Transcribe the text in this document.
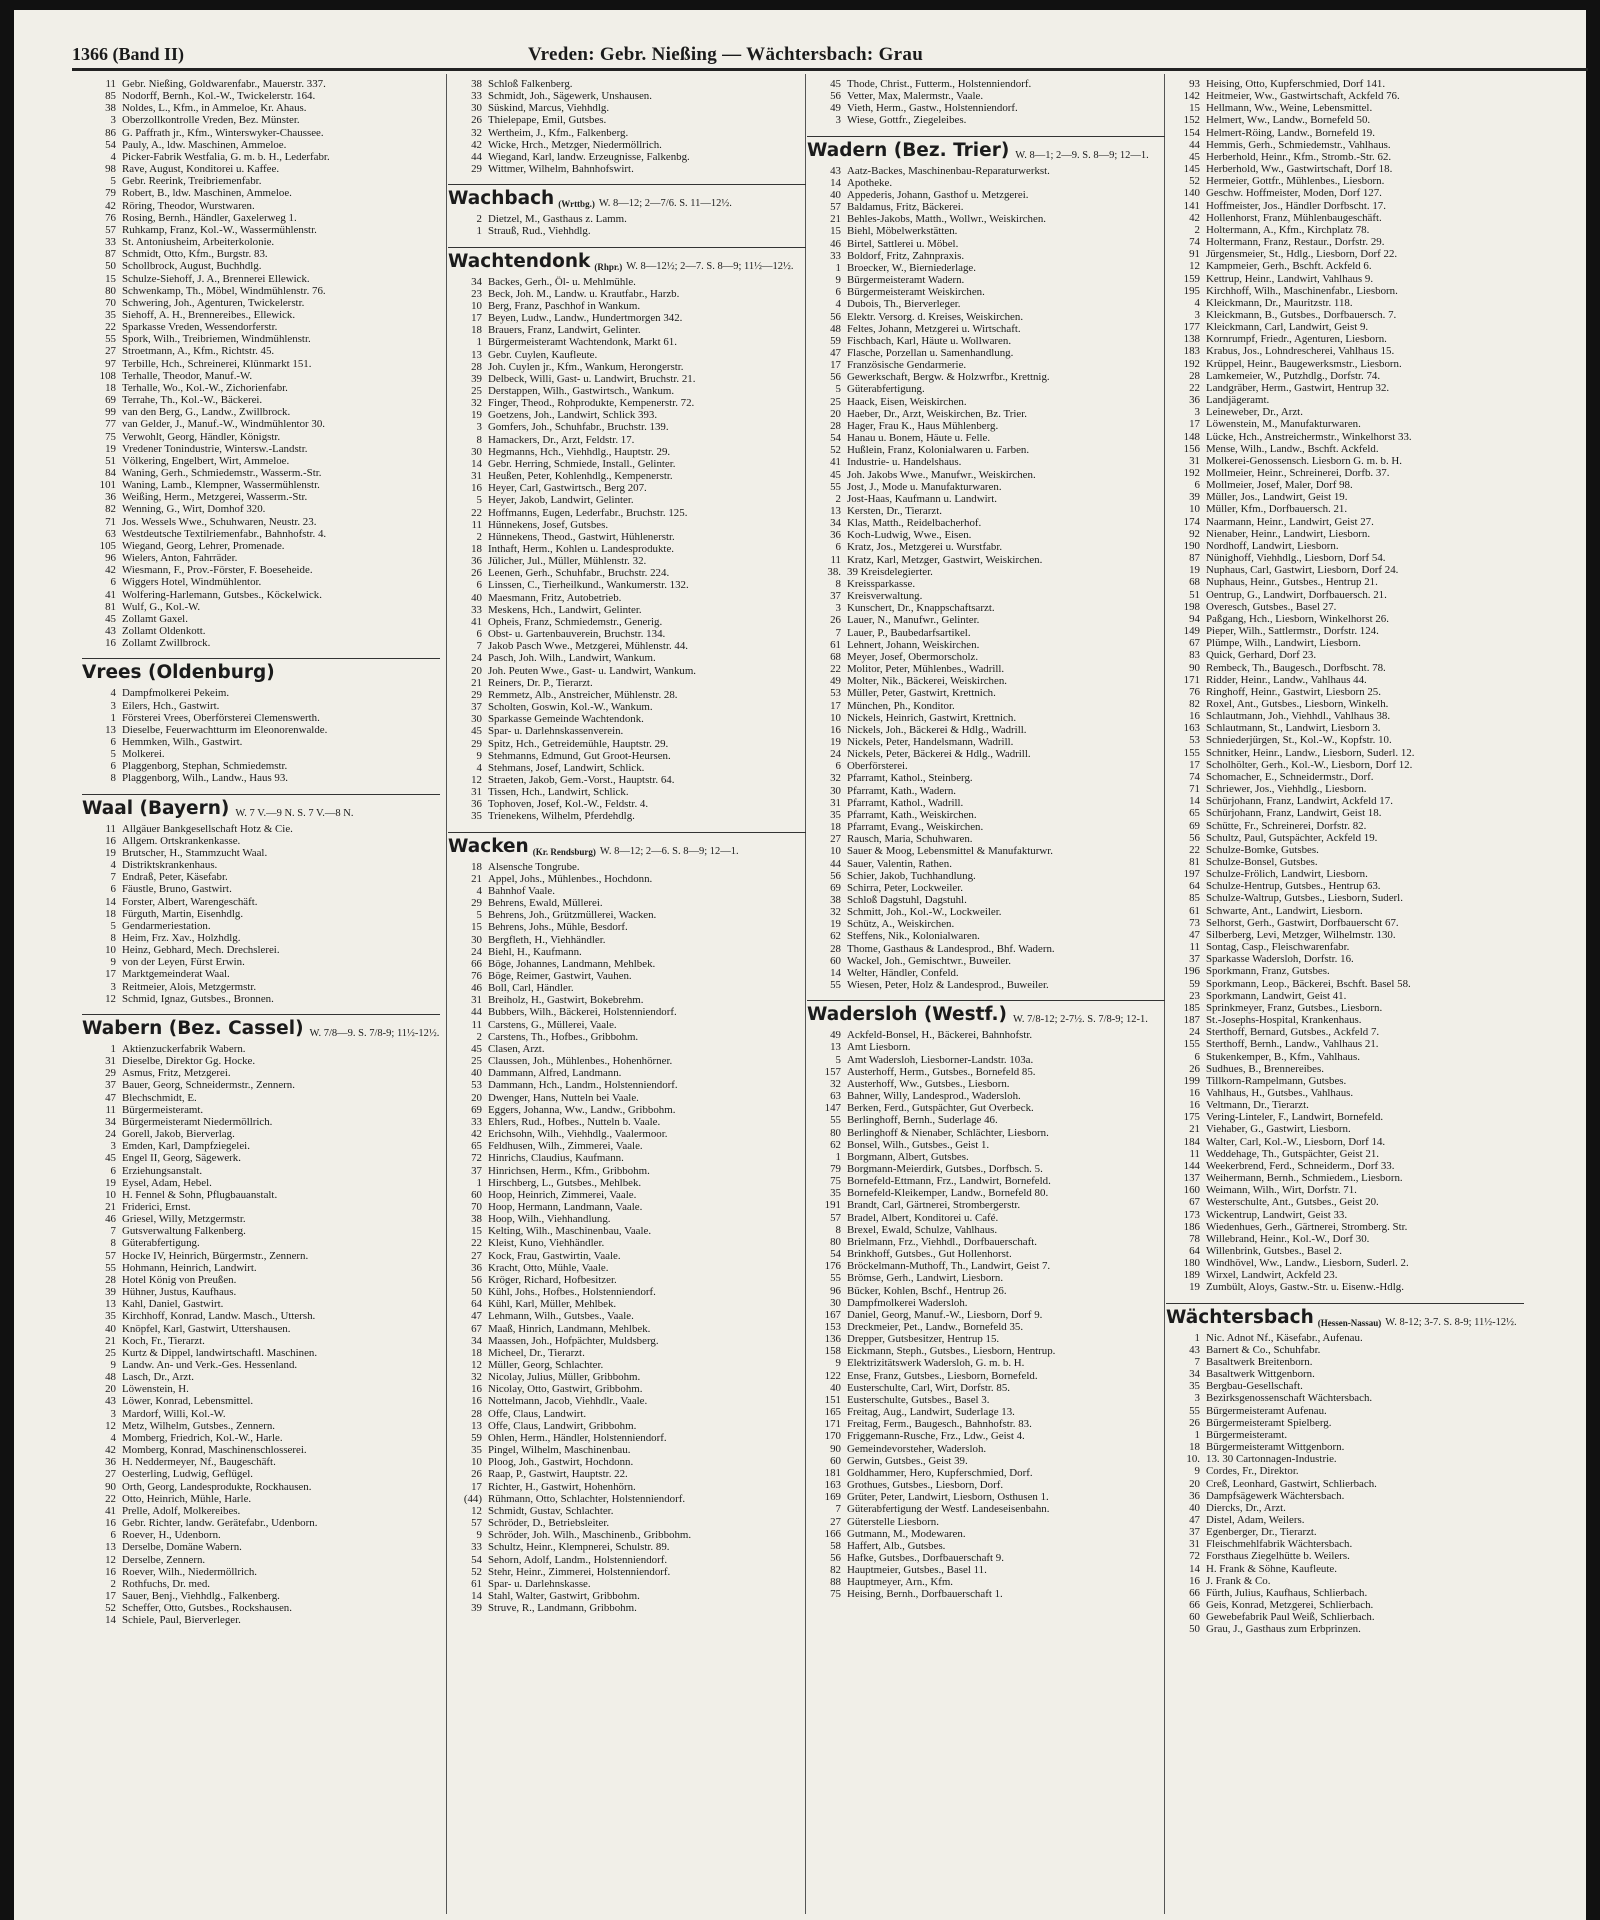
1366 (Band II)	Vreden: Gebr. Nießing — Wächtersbach: Grau
11 Gebr. Nießing, Goldwarenfabr., Mauerstr. 337.
85 Nodorff, Bernh., Kol.-W., Twickelerstr. 164.
38 Noldes, L., Kfm., in Ammeloe, Kr. Ahaus.
3 Oberzollkontrolle Vreden, Bez. Münster.
86 G. Paffrath jr., Kfm., Winterswyker-Chaussee.
54 Pauly, A., ldw. Maschinen, Ammeloe.
4 Picker-Fabrik Westfalia, G. m. b. H., Lederfabr.
98 Rave, August, Konditorei u. Kaffee.
5 Gebr. Reerink, Treibriemenfabr.
79 Robert, B., ldw. Maschinen, Ammeloe.
42 Röring, Theodor, Wurstwaren.
76 Rosing, Bernh., Händler, Gaxelerweg 1.
57 Ruhkamp, Franz, Kol.-W., Wassermühlenstr.
33 St. Antoniusheim, Arbeiterkolonie.
87 Schmidt, Otto, Kfm., Burgstr. 83.
50 Schollbrock, August, Buchhdlg.
15 Schulze-Siehoff, J. A., Brennerei Ellewick.
80 Schwenkamp, Th., Möbel, Windmühlenstr. 76.
70 Schwering, Joh., Agenturen, Twickelerstr.
35 Siehoff, A. H., Brennereibes., Ellewick.
22 Sparkasse Vreden, Wessendorferstr.
55 Spork, Wilh., Treibriemen, Windmühlenstr.
27 Stroetmann, A., Kfm., Richtstr. 45.
97 Terbille, Hch., Schreinerei, Klünmarkt 151.
108 Terhalle, Theodor, Manuf.-W.
18 Terhalle, Wo., Kol.-W., Zichorienfabr.
69 Terrahe, Th., Kol.-W., Bäckerei.
99 van den Berg, G., Landw., Zwillbrock.
77 van Gelder, J., Manuf.-W., Windmühlentor 30.
75 Verwohlt, Georg, Händler, Königstr.
19 Vredener Tonindustrie, Wintersw.-Landstr.
51 Völkering, Engelbert, Wirt, Ammeloe.
84 Waning, Gerh., Schmiedemstr., Wasserm.-Str.
101 Waning, Lamb., Klempner, Wassermühlenstr.
36 Weißing, Herm., Metzgerei, Wasserm.-Str.
82 Wenning, G., Wirt, Domhof 320.
71 Jos. Wessels Wwe., Schuhwaren, Neustr. 23.
63 Westdeutsche Textilriemenfabr., Bahnhofstr. 4.
105 Wiegand, Georg, Lehrer, Promenade.
96 Wielers, Anton, Fahrräder.
42 Wiesmann, F., Prov.-Förster, F. Boeseheide.
6 Wiggers Hotel, Windmühlentor.
41 Wolfering-Harlemann, Gutsbes., Köckelwick.
81 Wulf, G., Kol.-W.
45 Zollamt Gaxel.
43 Zollamt Oldenkott.
16 Zollamt Zwillbrock.
Vrees (Oldenburg)
4 Dampfmolkerei Pekeim.
3 Eilers, Hch., Gastwirt.
1 Försterei Vrees, Oberförsterei Clemenswerth.
13 Dieselbe, Feuerwachtturm im Eleonorenwalde.
6 Hemmken, Wilh., Gastwirt.
5 Molkerei.
6 Plaggenborg, Stephan, Schmiedemstr.
8 Plaggenborg, Wilh., Landw., Haus 93.
Waal (Bayern) W. 7 V.—9 N. S. 7 V.—8 N.
11 Allgäuer Bankgesellschaft Hotz & Cie.
16 Allgem. Ortskrankenkasse.
19 Brutscher, H., Stammzucht Waal.
4 Distriktskrankenhaus.
7 Endraß, Peter, Käsefabr.
6 Fäustle, Bruno, Gastwirt.
14 Forster, Albert, Warengeschäft.
18 Fürguth, Martin, Eisenhdlg.
5 Gendarmeriestation.
8 Heim, Frz. Xav., Holzhdlg.
10 Heinz, Gebhard, Mech. Drechslerei.
9 von der Leyen, Fürst Erwin.
17 Marktgemeinderat Waal.
3 Reitmeier, Alois, Metzgermstr.
12 Schmid, Ignaz, Gutsbes., Bronnen.
Wabern (Bez. Cassel) W. 7/8—9. S. 7/8-9; 11½-12½.
1 Aktienzuckerfabrik Wabern.
31 Dieselbe, Direktor Gg. Hocke.
29 Asmus, Fritz, Metzgerei.
37 Bauer, Georg, Schneidermstr., Zennern.
47 Blechschmidt, E.
11 Bürgermeisteramt.
34 Bürgermeisteramt Niedermöllrich.
24 Gorell, Jakob, Bierverlag.
3 Emden, Karl, Dampfziegelei.
45 Engel II, Georg, Sägewerk.
6 Erziehungsanstalt.
19 Eysel, Adam, Hebel.
10 H. Fennel & Sohn, Pflugbauanstalt.
21 Friderici, Ernst.
46 Griesel, Willy, Metzgermstr.
7 Gutsverwaltung Falkenberg.
8 Güterabfertigung.
57 Hocke IV, Heinrich, Bürgermstr., Zennern.
55 Hohmann, Heinrich, Landwirt.
28 Hotel König von Preußen.
39 Hühner, Justus, Kaufhaus.
13 Kahl, Daniel, Gastwirt.
35 Kirchhoff, Konrad, Landw. Masch., Uttersh.
40 Knöpfel, Karl, Gastwirt, Uttershausen.
21 Koch, Fr., Tierarzt.
25 Kurtz & Dippel, landwirtschaftl. Maschinen.
9 Landw. An- und Verk.-Ges. Hessenland.
48 Lasch, Dr., Arzt.
20 Löwenstein, H.
43 Löwer, Konrad, Lebensmittel.
3 Mardorf, Willi, Kol.-W.
12 Metz, Wilhelm, Gutsbes., Zennern.
4 Momberg, Friedrich, Kol.-W., Harle.
42 Momberg, Konrad, Maschinenschlosserei.
36 H. Neddermeyer, Nf., Baugeschäft.
27 Oesterling, Ludwig, Geflügel.
90 Orth, Georg, Landesprodukte, Rockhausen.
22 Otto, Heinrich, Mühle, Harle.
41 Prelle, Adolf, Molkereibes.
16 Gebr. Richter, landw. Gerätefabr., Udenborn.
6 Roever, H., Udenborn.
13 Derselbe, Domäne Wabern.
12 Derselbe, Zennern.
16 Roever, Wilh., Niedermöllrich.
2 Rothfuchs, Dr. med.
17 Sauer, Benj., Viehhdlg., Falkenberg.
52 Scheffer, Otto, Gutsbes., Rockshausen.
14 Schiele, Paul, Bierverleger.
38 Schloß Falkenberg.
33 Schmidt, Joh., Sägewerk, Unshausen.
30 Süskind, Marcus, Viehhdlg.
26 Thielepape, Emil, Gutsbes.
32 Wertheim, J., Kfm., Falkenberg.
42 Wicke, Hrch., Metzger, Niedermöllrich.
44 Wiegand, Karl, landw. Erzeugnisse, Falkenbg.
29 Wittmer, Wilhelm, Bahnhofswirt.
Wachbach (Wrttbg.) W. 8—12; 2—7/6. S. 11—12½.
2 Dietzel, M., Gasthaus z. Lamm.
1 Strauß, Rud., Viehhdlg.
Wachtendonk (Rhpr.) W. 8—12½; 2—7. S. 8—9; 11½—12½.
34 Backes, Gerh., Öl- u. Mehlmühle.
23 Beck, Joh. M., Landw. u. Krautfabr., Harzb.
10 Berg, Franz, Paschhof in Wankum.
17 Beyen, Ludw., Landw., Hundertmorgen 342.
18 Brauers, Franz, Landwirt, Gelinter.
1 Bürgermeisteramt Wachtendonk, Markt 61.
13 Gebr. Cuylen, Kaufleute.
28 Joh. Cuylen jr., Kfm., Wankum, Herongerstr.
39 Delbeck, Willi, Gast- u. Landwirt, Bruchstr. 21.
25 Derstappen, Wilh., Gastwirtsch., Wankum.
32 Finger, Theod., Rohprodukte, Kempenerstr. 72.
19 Goetzens, Joh., Landwirt, Schlick 393.
3 Gomfers, Joh., Schuhfabr., Bruchstr. 139.
8 Hamackers, Dr., Arzt, Feldstr. 17.
30 Hegmanns, Hch., Viehhdlg., Hauptstr. 29.
14 Gebr. Herring, Schmiede, Install., Gelinter.
31 Heußen, Peter, Kohlenhdlg., Kempenerstr.
16 Heyer, Carl, Gastwirtsch., Berg 207.
5 Heyer, Jakob, Landwirt, Gelinter.
22 Hoffmanns, Eugen, Lederfabr., Bruchstr. 125.
11 Hünnekens, Josef, Gutsbes.
2 Hünnekens, Theod., Gastwirt, Hühlenerstr.
18 Inthaft, Herm., Kohlen u. Landesprodukte.
36 Jülicher, Jul., Müller, Mühlenstr. 32.
26 Leenen, Gerh., Schuhfabr., Bruchstr. 224.
6 Linssen, C., Tierheilkund., Wankumerstr. 132.
40 Maesmann, Fritz, Autobetrieb.
33 Meskens, Hch., Landwirt, Gelinter.
41 Opheis, Franz, Schmiedemstr., Generig.
6 Obst- u. Gartenbauverein, Bruchstr. 134.
7 Jakob Pasch Wwe., Metzgerei, Mühlenstr. 44.
24 Pasch, Joh. Wilh., Landwirt, Wankum.
20 Joh. Peuten Wwe., Gast- u. Landwirt, Wankum.
21 Reiners, Dr. P., Tierarzt.
29 Remmetz, Alb., Anstreicher, Mühlenstr. 28.
37 Scholten, Goswin, Kol.-W., Wankum.
30 Sparkasse Gemeinde Wachtendonk.
45 Spar- u. Darlehnskassenverein.
29 Spitz, Hch., Getreidemühle, Hauptstr. 29.
9 Stehmanns, Edmund, Gut Groot-Heursen.
4 Stehmans, Josef, Landwirt, Schlick.
12 Straeten, Jakob, Gem.-Vorst., Hauptstr. 64.
31 Tissen, Hch., Landwirt, Schlick.
36 Tophoven, Josef, Kol.-W., Feldstr. 4.
35 Trienekens, Wilhelm, Pferdehdlg.
Wacken (Kr. Rendsburg) W. 8—12; 2—6. S. 8—9; 12—1.
18 Alsensche Tongrube.
21 Appel, Johs., Mühlenbes., Hochdonn.
4 Bahnhof Vaale.
29 Behrens, Ewald, Müllerei.
5 Behrens, Joh., Grützmüllerei, Wacken.
15 Behrens, Johs., Mühle, Besdorf.
30 Bergfleth, H., Viehhändler.
24 Biehl, H., Kaufmann.
66 Böge, Johannes, Landmann, Mehlbek.
76 Böge, Reimer, Gastwirt, Vauhen.
46 Boll, Carl, Händler.
31 Breiholz, H., Gastwirt, Bokebrehm.
44 Bubbers, Wilh., Bäckerei, Holstenniendorf.
11 Carstens, G., Müllerei, Vaale.
2 Carstens, Th., Hofbes., Gribbohm.
45 Clasen, Arzt.
25 Claussen, Joh., Mühlenbes., Hohenhörner.
40 Dammann, Alfred, Landmann.
53 Dammann, Hch., Landm., Holstenniendorf.
20 Dwenger, Hans, Nutteln bei Vaale.
69 Eggers, Johanna, Ww., Landw., Gribbohm.
33 Ehlers, Rud., Hofbes., Nutteln b. Vaale.
42 Erichsohn, Wilh., Viehhdlg., Vaalermoor.
65 Feldhusen, Wilh., Zimmerei, Vaale.
72 Hinrichs, Claudius, Kaufmann.
37 Hinrichsen, Herm., Kfm., Gribbohm.
1 Hirschberg, L., Gutsbes., Mehlbek.
60 Hoop, Heinrich, Zimmerei, Vaale.
70 Hoop, Hermann, Landmann, Vaale.
38 Hoop, Wilh., Viehhandlung.
15 Kelting, Wilh., Maschinenbau, Vaale.
22 Kleist, Kuno, Viehhändler.
27 Kock, Frau, Gastwirtin, Vaale.
36 Kracht, Otto, Mühle, Vaale.
56 Kröger, Richard, Hofbesitzer.
50 Kühl, Johs., Hofbes., Holstenniendorf.
64 Kühl, Karl, Müller, Mehlbek.
47 Lehmann, Wilh., Gutsbes., Vaale.
67 Maaß, Hinrich, Landmann, Mehlbek.
34 Maassen, Joh., Hofpächter, Muldsberg.
18 Micheel, Dr., Tierarzt.
12 Müller, Georg, Schlachter.
32 Nicolay, Julius, Müller, Gribbohm.
16 Nicolay, Otto, Gastwirt, Gribbohm.
16 Nottelmann, Jacob, Viehhdlr., Vaale.
28 Offe, Claus, Landwirt.
13 Offe, Claus, Landwirt, Gribbohm.
59 Ohlen, Herm., Händler, Holstenniendorf.
35 Pingel, Wilhelm, Maschinenbau.
10 Ploog, Joh., Gastwirt, Hochdonn.
26 Raap, P., Gastwirt, Hauptstr. 22.
17 Richter, H., Gastwirt, Hohenhörn.
(44) Rühmann, Otto, Schlachter, Holstenniendorf.
12 Schmidt, Gustav, Schlachter.
57 Schröder, D., Betriebsleiter.
9 Schröder, Joh. Wilh., Maschinenb., Gribbohm.
33 Schultz, Heinr., Klempnerei, Schulstr. 89.
54 Sehorn, Adolf, Landm., Holstenniendorf.
52 Stehr, Heinr., Zimmerei, Holstenniendorf.
61 Spar- u. Darlehnskasse.
14 Stahl, Walter, Gastwirt, Gribbohm.
39 Struve, R., Landmann, Gribbohm.
45 Thode, Christ., Futterm., Holstenniendorf.
56 Vetter, Max, Malermstr., Vaale.
49 Vieth, Herm., Gastw., Holstenniendorf.
3 Wiese, Gottfr., Ziegeleibes.
Wadern (Bez. Trier) W. 8—1; 2—9. S. 8—9; 12—1.
43 Aatz-Backes, Maschinenbau-Reparaturwerkst.
14 Apotheke.
40 Appederis, Johann, Gasthof u. Metzgerei.
57 Baldamus, Fritz, Bäckerei.
21 Behles-Jakobs, Matth., Wollwr., Weiskirchen.
15 Biehl, Möbelwerkstätten.
46 Birtel, Sattlerei u. Möbel.
33 Boldorf, Fritz, Zahnpraxis.
1 Broecker, W., Bierniederlage.
9 Bürgermeisteramt Wadern.
6 Bürgermeisteramt Weiskirchen.
4 Dubois, Th., Bierverleger.
56 Elektr. Versorg. d. Kreises, Weiskirchen.
48 Feltes, Johann, Metzgerei u. Wirtschaft.
59 Fischbach, Karl, Häute u. Wollwaren.
47 Flasche, Porzellan u. Samenhandlung.
17 Französische Gendarmerie.
56 Gewerkschaft, Bergw. & Holzwrfbr., Krettnig.
5 Güterabfertigung.
25 Haack, Eisen, Weiskirchen.
20 Haeber, Dr., Arzt, Weiskirchen, Bz. Trier.
28 Hager, Frau K., Haus Mühlenberg.
54 Hanau u. Bonem, Häute u. Felle.
52 Hußlein, Franz, Kolonialwaren u. Farben.
41 Industrie- u. Handelshaus.
45 Joh. Jakobs Wwe., Manufwr., Weiskirchen.
55 Jost, J., Mode u. Manufakturwaren.
2 Jost-Haas, Kaufmann u. Landwirt.
13 Kersten, Dr., Tierarzt.
34 Klas, Matth., Reidelbacherhof.
36 Koch-Ludwig, Wwe., Eisen.
6 Kratz, Jos., Metzgerei u. Wurstfabr.
11 Kratz, Karl, Metzger, Gastwirt, Weiskirchen.
38. 39 Kreisdelegierter.
8 Kreissparkasse.
37 Kreisverwaltung.
3 Kunschert, Dr., Knappschaftsarzt.
26 Lauer, N., Manufwr., Gelinter.
7 Lauer, P., Baubedarfsartikel.
61 Lehnert, Johann, Weiskirchen.
68 Meyer, Josef, Obermorscholz.
22 Molitor, Peter, Mühlenbes., Wadrill.
49 Molter, Nik., Bäckerei, Weiskirchen.
53 Müller, Peter, Gastwirt, Krettnich.
17 München, Ph., Konditor.
10 Nickels, Heinrich, Gastwirt, Krettnich.
16 Nickels, Joh., Bäckerei & Hdlg., Wadrill.
19 Nickels, Peter, Handelsmann, Wadrill.
24 Nickels, Peter, Bäckerei & Hdlg., Wadrill.
6 Oberförsterei.
32 Pfarramt, Kathol., Steinberg.
30 Pfarramt, Kath., Wadern.
31 Pfarramt, Kathol., Wadrill.
35 Pfarramt, Kath., Weiskirchen.
18 Pfarramt, Evang., Weiskirchen.
27 Rausch, Maria, Schuhwaren.
10 Sauer & Moog, Lebensmittel & Manufakturwr.
44 Sauer, Valentin, Rathen.
56 Schier, Jakob, Tuchhandlung.
69 Schirra, Peter, Lockweiler.
38 Schloß Dagstuhl, Dagstuhl.
32 Schmitt, Joh., Kol.-W., Lockweiler.
19 Schütz, A., Weiskirchen.
62 Steffens, Nik., Kolonialwaren.
28 Thome, Gasthaus & Landesprod., Bhf. Wadern.
60 Wackel, Joh., Gemischtwr., Buweiler.
14 Welter, Händler, Confeld.
55 Wiesen, Peter, Holz & Landesprod., Buweiler.
Wadersloh (Westf.) W. 7/8-12; 2-7½. S. 7/8-9; 12-1.
49 Ackfeld-Bonsel, H., Bäckerei, Bahnhofstr.
13 Amt Liesborn.
5 Amt Wadersloh, Liesborner-Landstr. 103a.
157 Austerhoff, Herm., Gutsbes., Bornefeld 85.
32 Austerhoff, Ww., Gutsbes., Liesborn.
63 Bahner, Willy, Landesprod., Wadersloh.
147 Berken, Ferd., Gutspächter, Gut Overbeck.
55 Berlinghoff, Bernh., Suderlage 46.
80 Berlinghoff & Nienaber, Schlächter, Liesborn.
62 Bonsel, Wilh., Gutsbes., Geist 1.
1 Borgmann, Albert, Gutsbes.
79 Borgmann-Meierdirk, Gutsbes., Dorfbsch. 5.
75 Bornefeld-Ettmann, Frz., Landwirt, Bornefeld.
35 Bornefeld-Kleikemper, Landw., Bornefeld 80.
191 Brandt, Carl, Gärtnerei, Strombergerstr.
57 Bradel, Albert, Konditorei u. Café.
8 Brexel, Ewald, Schulze, Vahlhaus.
80 Brielmann, Frz., Viehhdl., Dorfbauerschaft.
54 Brinkhoff, Gutsbes., Gut Hollenhorst.
176 Bröckelmann-Muthoff, Th., Landwirt, Geist 7.
55 Brömse, Gerh., Landwirt, Liesborn.
96 Bücker, Kohlen, Bschf., Hentrup 26.
30 Dampfmolkerei Wadersloh.
167 Daniel, Georg, Manuf.-W., Liesborn, Dorf 9.
153 Dreckmeier, Pet., Landw., Bornefeld 35.
136 Drepper, Gutsbesitzer, Hentrup 15.
158 Eickmann, Steph., Gutsbes., Liesborn, Hentrup.
9 Elektrizitätswerk Wadersloh, G. m. b. H.
122 Ense, Franz, Gutsbes., Liesborn, Bornefeld.
40 Eusterschulte, Carl, Wirt, Dorfstr. 85.
151 Eusterschulte, Gutsbes., Basel 3.
165 Freitag, Aug., Landwirt, Suderlage 13.
171 Freitag, Ferm., Baugesch., Bahnhofstr. 83.
170 Friggemann-Rusche, Frz., Ldw., Geist 4.
90 Gemeindevorsteher, Wadersloh.
60 Gerwin, Gutsbes., Geist 39.
181 Goldhammer, Hero, Kupferschmied, Dorf.
163 Grothues, Gutsbes., Liesborn, Dorf.
169 Grüter, Peter, Landwirt, Liesborn, Osthusen 1.
7 Güterabfertigung der Westf. Landeseisenbahn.
27 Güterstelle Liesborn.
166 Gutmann, M., Modewaren.
58 Haffert, Alb., Gutsbes.
56 Hafke, Gutsbes., Dorfbauerschaft 9.
82 Hauptmeier, Gutsbes., Basel 11.
88 Hauptmeyer, Arn., Kfm.
75 Heising, Bernh., Dorfbauerschaft 1.
93 Heising, Otto, Kupferschmied, Dorf 141.
142 Heitmeier, Ww., Gastwirtschaft, Ackfeld 76.
15 Hellmann, Ww., Weine, Lebensmittel.
152 Helmert, Ww., Landw., Bornefeld 50.
154 Helmert-Röing, Landw., Bornefeld 19.
44 Hemmis, Gerh., Schmiedemstr., Vahlhaus.
45 Herberhold, Heinr., Kfm., Stromb.-Str. 62.
145 Herberhold, Ww., Gastwirtschaft, Dorf 18.
52 Hermeier, Gottfr., Mühlenbes., Liesborn.
140 Geschw. Hoffmeister, Moden, Dorf 127.
141 Hoffmeister, Jos., Händler Dorfbscht. 17.
42 Hollenhorst, Franz, Mühlenbaugeschäft.
2 Holtermann, A., Kfm., Kirchplatz 78.
74 Holtermann, Franz, Restaur., Dorfstr. 29.
91 Jürgensmeier, St., Hdlg., Liesborn, Dorf 22.
12 Kampmeier, Gerh., Bschft. Ackfeld 6.
159 Kettrup, Heinr., Landwirt, Vahlhaus 9.
195 Kirchhoff, Wilh., Maschinenfabr., Liesborn.
4 Kleickmann, Dr., Mauritzstr. 118.
3 Kleickmann, B., Gutsbes., Dorfbauersch. 7.
177 Kleickmann, Carl, Landwirt, Geist 9.
138 Kornrumpf, Friedr., Agenturen, Liesborn.
183 Krabus, Jos., Lohndrescherei, Vahlhaus 15.
192 Krüppel, Heinr., Baugewerksmstr., Liesborn.
28 Lamkemeier, W., Putzhdlg., Dorfstr. 74.
22 Landgräber, Herm., Gastwirt, Hentrup 32.
36 Landjägeramt.
3 Leineweber, Dr., Arzt.
17 Löwenstein, M., Manufakturwaren.
148 Lücke, Hch., Anstreichermstr., Winkelhorst 33.
156 Mense, Wilh., Landw., Bschft. Ackfeld.
31 Molkerei-Genossensch. Liesborn G. m. b. H.
192 Mollmeier, Heinr., Schreinerei, Dorfb. 37.
6 Mollmeier, Josef, Maler, Dorf 98.
39 Müller, Jos., Landwirt, Geist 19.
10 Müller, Kfm., Dorfbauersch. 21.
174 Naarmann, Heinr., Landwirt, Geist 27.
92 Nienaber, Heinr., Landwirt, Liesborn.
190 Nordhoff, Landwirt, Liesborn.
87 Nünighoff, Viehhdlg., Liesborn, Dorf 54.
19 Nuphaus, Carl, Gastwirt, Liesborn, Dorf 24.
68 Nuphaus, Heinr., Gutsbes., Hentrup 21.
51 Oentrup, G., Landwirt, Dorfbauersch. 21.
198 Overesch, Gutsbes., Basel 27.
94 Paßgang, Hch., Liesborn, Winkelhorst 26.
149 Pieper, Wilh., Sattlermstr., Dorfstr. 124.
67 Plümpe, Wilh., Landwirt, Liesborn.
83 Quick, Gerhard, Dorf 23.
90 Rembeck, Th., Baugesch., Dorfbscht. 78.
171 Ridder, Heinr., Landw., Vahlhaus 44.
76 Ringhoff, Heinr., Gastwirt, Liesborn 25.
82 Roxel, Ant., Gutsbes., Liesborn, Winkelh.
16 Schlautmann, Joh., Viehhdl., Vahlhaus 38.
163 Schlautmann, St., Landwirt, Liesborn 3.
53 Schniederjürgen, St., Kol.-W., Kopfstr. 10.
155 Schnitker, Heinr., Landw., Liesborn, Suderl. 12.
17 Scholhölter, Gerh., Kol.-W., Liesborn, Dorf 12.
74 Schomacher, E., Schneidermstr., Dorf.
71 Schriewer, Jos., Viehhdlg., Liesborn.
14 Schürjohann, Franz, Landwirt, Ackfeld 17.
65 Schürjohann, Franz, Landwirt, Geist 18.
69 Schütte, Fr., Schreinerei, Dorfstr. 82.
56 Schultz, Paul, Gutspächter, Ackfeld 19.
22 Schulze-Bomke, Gutsbes.
81 Schulze-Bonsel, Gutsbes.
197 Schulze-Frölich, Landwirt, Liesborn.
64 Schulze-Hentrup, Gutsbes., Hentrup 63.
85 Schulze-Waltrup, Gutsbes., Liesborn, Suderl.
61 Schwarte, Ant., Landwirt, Liesborn.
73 Selhorst, Gerh., Gastwirt, Dorfbauerscht 67.
47 Silberberg, Levi, Metzger, Wilhelmstr. 130.
11 Sontag, Casp., Fleischwarenfabr.
37 Sparkasse Wadersloh, Dorfstr. 16.
196 Sporkmann, Franz, Gutsbes.
59 Sporkmann, Leop., Bäckerei, Bschft. Basel 58.
23 Sporkmann, Landwirt, Geist 41.
185 Sprinkmeyer, Franz, Gutsbes., Liesborn.
187 St.-Josephs-Hospital, Krankenhaus.
24 Sterthoff, Bernard, Gutsbes., Ackfeld 7.
155 Sterthoff, Bernh., Landw., Vahlhaus 21.
6 Stukenkemper, B., Kfm., Vahlhaus.
26 Sudhues, B., Brennereibes.
199 Tillkorn-Rampelmann, Gutsbes.
16 Vahlhaus, H., Gutsbes., Vahlhaus.
16 Veltmann, Dr., Tierarzt.
175 Vering-Linteler, F., Landwirt, Bornefeld.
21 Viehaber, G., Gastwirt, Liesborn.
184 Walter, Carl, Kol.-W., Liesborn, Dorf 14.
11 Weddehage, Th., Gutspächter, Geist 21.
144 Weekerbrend, Ferd., Schneiderm., Dorf 33.
137 Weihermann, Bernh., Schmiedem., Liesborn.
160 Weimann, Wilh., Wirt, Dorfstr. 71.
67 Westerschulte, Ant., Gutsbes., Geist 20.
173 Wickentrup, Landwirt, Geist 33.
186 Wiedenhues, Gerh., Gärtnerei, Stromberg. Str.
78 Willebrand, Heinr., Kol.-W., Dorf 30.
64 Willenbrink, Gutsbes., Basel 2.
180 Windhövel, Ww., Landw., Liesborn, Suderl. 2.
189 Wirxel, Landwirt, Ackfeld 23.
19 Zumbült, Aloys, Gastw.-Str. u. Eisenw.-Hdlg.
Wächtersbach (Hessen-Nassau) W. 8-12; 3-7. S. 8-9; 11½-12½.
1 Nic. Adnot Nf., Käsefabr., Aufenau.
43 Barnert & Co., Schuhfabr.
7 Basaltwerk Breitenborn.
34 Basaltwerk Wittgenborn.
35 Bergbau-Gesellschaft.
3 Bezirksgenossenschaft Wächtersbach.
55 Bürgermeisteramt Aufenau.
26 Bürgermeisteramt Spielberg.
1 Bürgermeisteramt.
18 Bürgermeisteramt Wittgenborn.
10. 13. 30 Cartonnagen-Industrie.
9 Cordes, Fr., Direktor.
20 Creß, Leonhard, Gastwirt, Schlierbach.
36 Dampfsägewerk Wächtersbach.
40 Diercks, Dr., Arzt.
47 Distel, Adam, Weilers.
37 Egenberger, Dr., Tierarzt.
31 Fleischmehlfabrik Wächtersbach.
72 Forsthaus Ziegelhütte b. Weilers.
14 H. Frank & Söhne, Kaufleute.
16 J. Frank & Co.
66 Fürth, Julius, Kaufhaus, Schlierbach.
66 Geis, Konrad, Metzgerei, Schlierbach.
60 Gewebefabrik Paul Weiß, Schlierbach.
50 Grau, J., Gasthaus zum Erbprinzen.
